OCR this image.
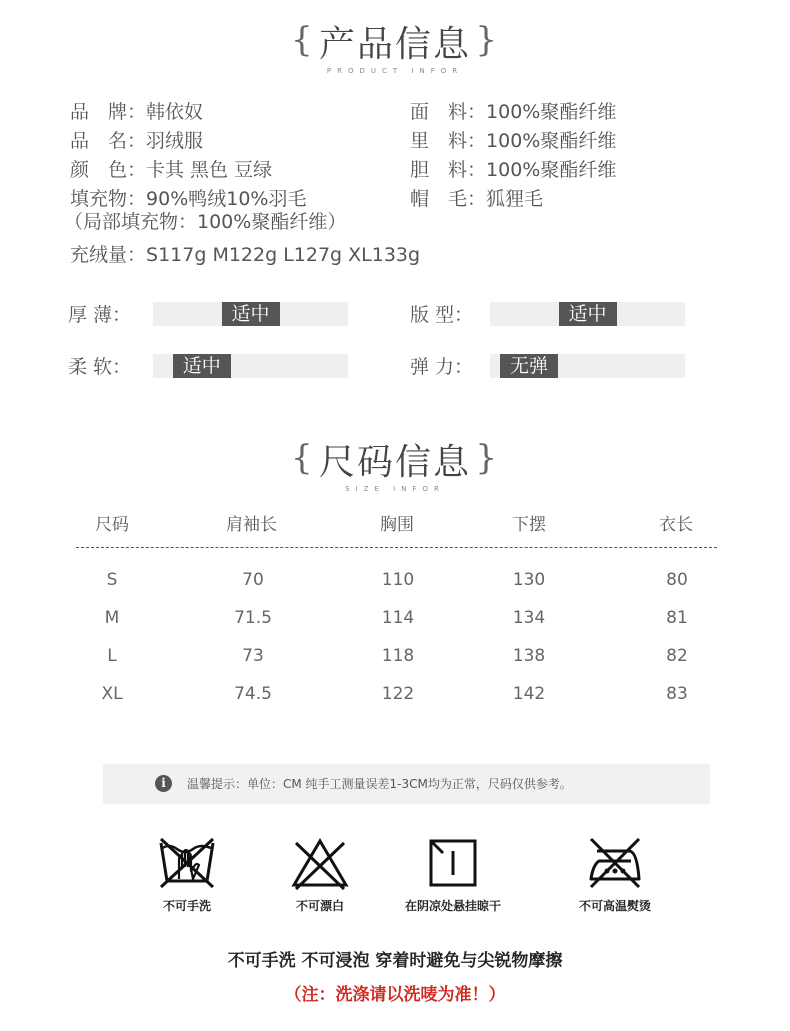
{ 产品信息 }
PRODUCT INFOR
品　牌：韩依奴
品　名：羽绒服
颜　色：卡其 黑色 豆绿
填充物：90%鸭绒10%羽毛
（局部填充物：100%聚酯纤维）
充绒量：S117g M122g L127g XL133g
面　料：100%聚酯纤维
里　料：100%聚酯纤维
胆　料：100%聚酯纤维
帽　毛：狐狸毛
厚 薄：	适中	版 型：	适中
柔 软：	适中	弹 力：	无弹
{ 尺码信息 }
SIZE INFOR
尺码	肩袖长	胸围	下摆	衣长
S	70	110	130	80
M	71.5	114	134	81
L	73	118	138	82
XL	74.5	122	142	83
i	温馨提示：单位：CM 纯手工测量误差1-3CM均为正常，尺码仅供参考。
不可手洗	不可漂白	在阴凉处悬挂晾干	不可高温熨烫
不可手洗 不可浸泡 穿着时避免与尖锐物摩擦
（注：洗涤请以洗唛为准！）
